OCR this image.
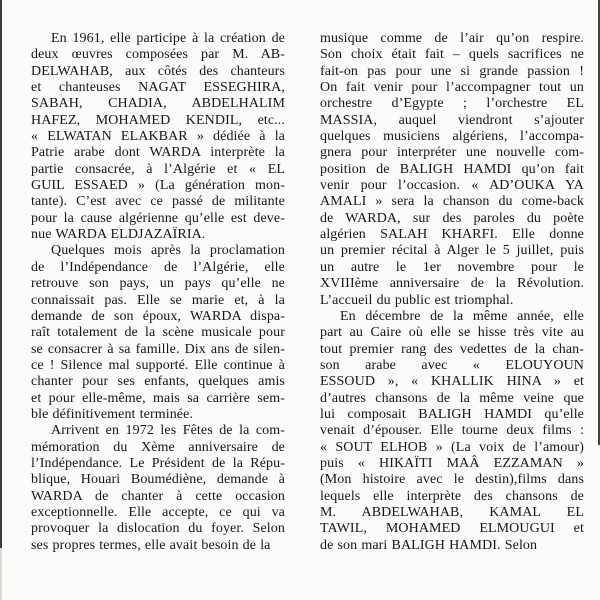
En 1961, elle participe à la création de
deux œuvres composées par M. AB-
DELWAHAB, aux côtés des chanteurs
et chanteuses NAGAT ESSEGHIRA,
SABAH, CHADIA, ABDELHALIM
HAFEZ, MOHAMED KENDIL, etc...
« ELWATAN ELAKBAR » dédiée à la
Patrie arabe dont WARDA interprète la
partie consacrée, à l’Algérie et « EL
GUIL ESSAED » (La génération mon-
tante). C’est avec ce passé de militante
pour la cause algérienne qu’elle est deve-
nue WARDA ELDJAZAÏRIA.
Quelques mois après la proclamation
de l’Indépendance de l’Algérie, elle
retrouve son pays, un pays qu’elle ne
connaissait pas. Elle se marie et, à la
demande de son époux, WARDA dispa-
raît totalement de la scène musicale pour
se consacrer à sa famille. Dix ans de silen-
ce ! Silence mal supporté. Elle continue à
chanter pour ses enfants, quelques amis
et pour elle-même, mais sa carrière sem-
ble définitivement terminée.
Arrivent en 1972 les Fêtes de la com-
mémoration du Xème anniversaire de
l’Indépendance. Le Président de la Répu-
blique, Houari Boumédiène, demande à
WARDA de chanter à cette occasion
exceptionnelle. Elle accepte, ce qui va
provoquer la dislocation du foyer. Selon
ses propres termes, elle avait besoin de la
musique comme de l’air qu’on respire.
Son choix était fait – quels sacrifices ne
fait-on pas pour une si grande passion !
On fait venir pour l’accompagner tout un
orchestre d’Egypte ; l’orchestre EL
MASSIA, auquel viendront s’ajouter
quelques musiciens algériens, l’accompa-
gnera pour interpréter une nouvelle com-
position de BALIGH HAMDI qu’on fait
venir pour l’occasion. « AD’OUKA YA
AMALI » sera la chanson du come-back
de WARDA, sur des paroles du poète
algérien SALAH KHARFI. Elle donne
un premier récital à Alger le 5 juillet, puis
un autre le 1er novembre pour le
XVIIIème anniversaire de la Révolution.
L’accueil du public est triomphal.
En décembre de la même année, elle
part au Caire où elle se hisse très vite au
tout premier rang des vedettes de la chan-
son arabe avec « ELOUYOUN
ESSOUD », « KHALLIK HINA » et
d’autres chansons de la même veine que
lui composait BALIGH HAMDI qu’elle
venait d’épouser. Elle tourne deux films :
« SOUT ELHOB » (La voix de l’amour)
puis « HIKAÏTI MAÂ EZZAMAN »
(Mon histoire avec le destin),films dans
lequels elle interprète des chansons de
M. ABDELWAHAB, KAMAL EL
TAWIL, MOHAMED ELMOUGUI et
de son mari BALIGH HAMDI. Selon
